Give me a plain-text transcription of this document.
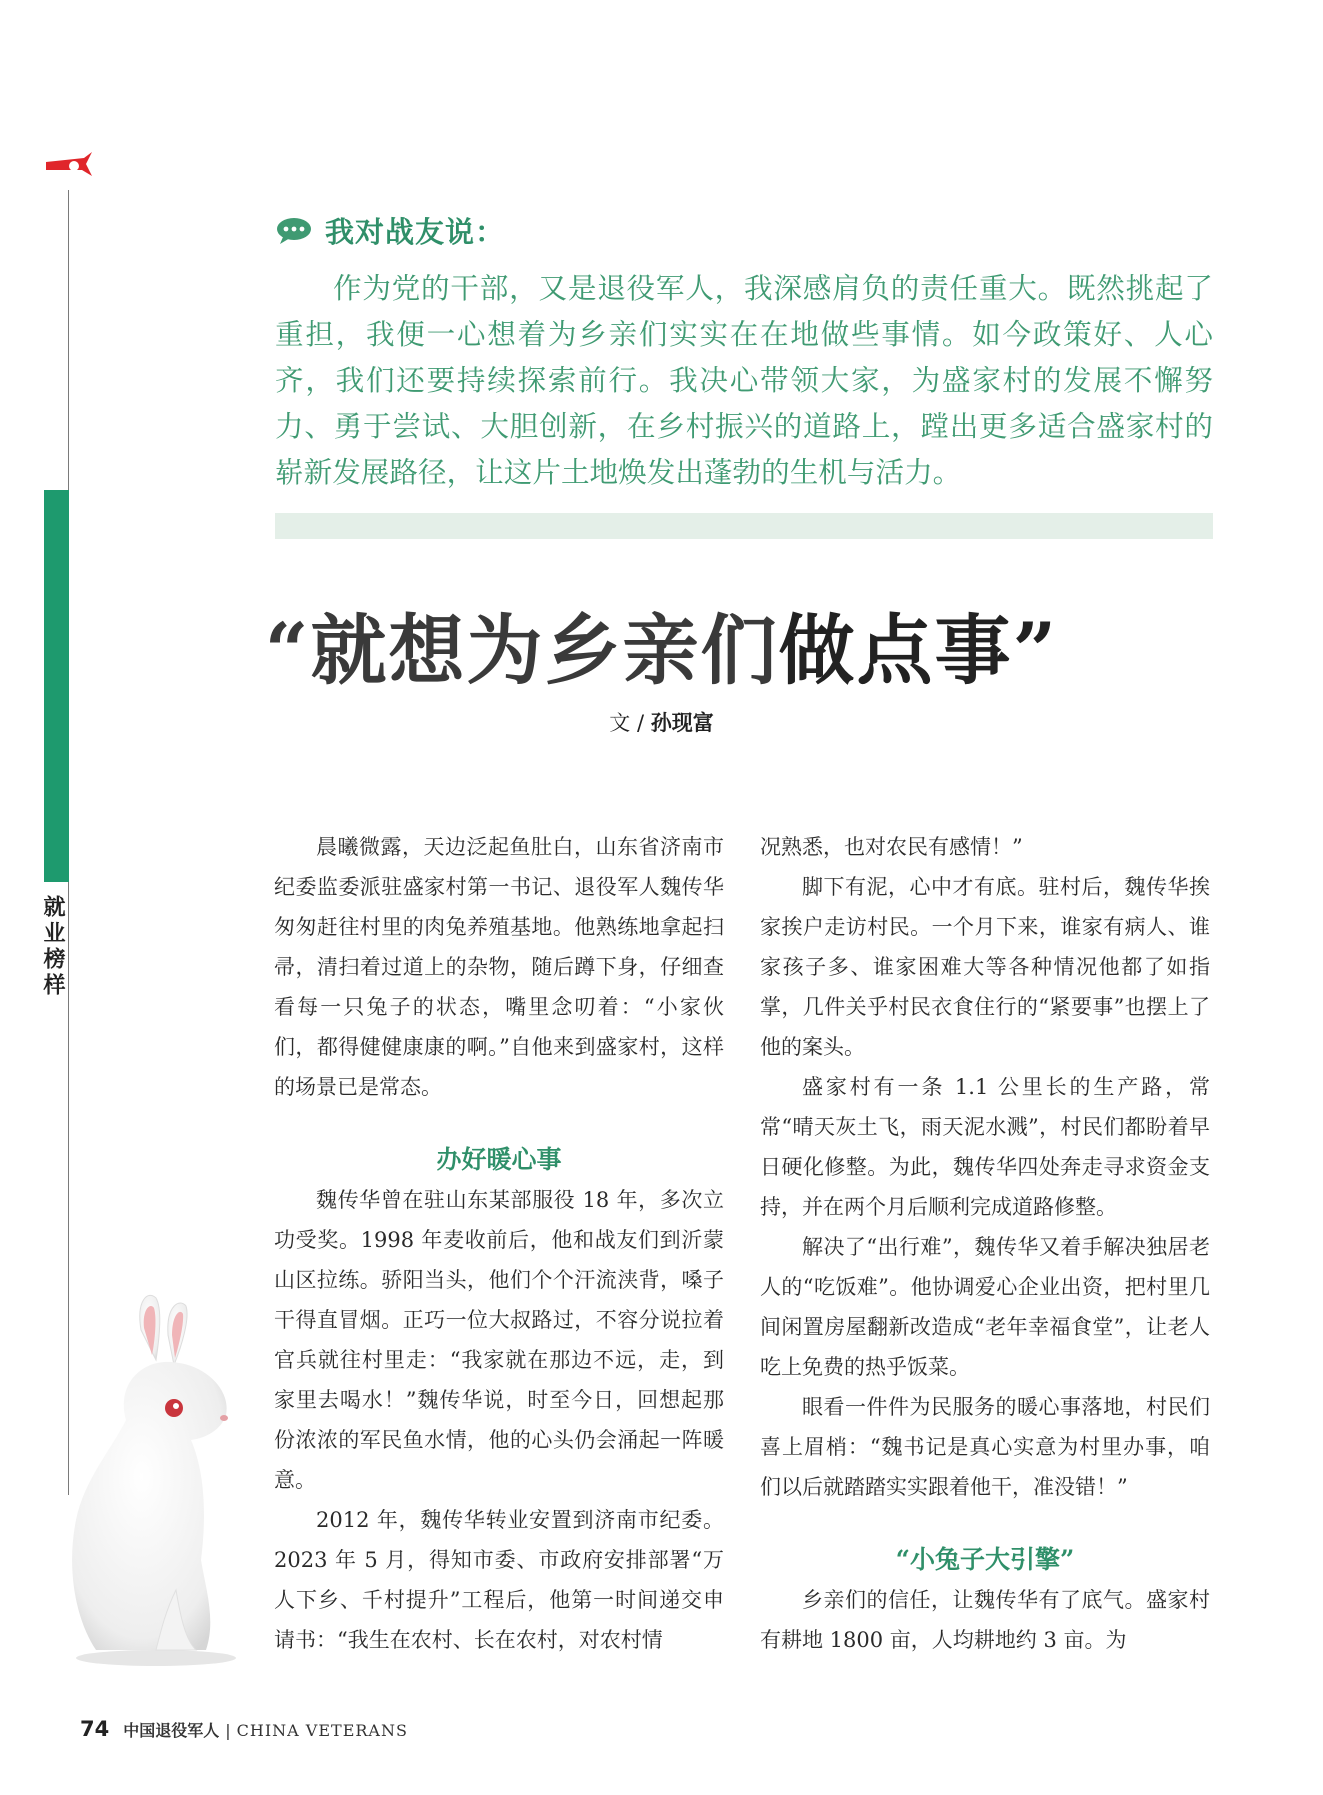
就业榜样
我对战友说：

作为党的干部，又是退役军人，我深感肩负的责任重大。既然挑起了重担，我便一心想着为乡亲们实实在在地做些事情。如今政策好、人心齐，我们还要持续探索前行。我决心带领大家，为盛家村的发展不懈努力、勇于尝试、大胆创新，在乡村振兴的道路上，蹚出更多适合盛家村的崭新发展路径，让这片土地焕发出蓬勃的生机与活力。

“就想为乡亲们做点事”
文 / 孙现富

晨曦微露，天边泛起鱼肚白，山东省济南市纪委监委派驻盛家村第一书记、退役军人魏传华匆匆赶往村里的肉兔养殖基地。他熟练地拿起扫帚，清扫着过道上的杂物，随后蹲下身，仔细查看每一只兔子的状态，嘴里念叨着：“小家伙们，都得健健康康的啊。”自他来到盛家村，这样的场景已是常态。

办好暖心事

魏传华曾在驻山东某部服役 18 年，多次立功受奖。1998 年麦收前后，他和战友们到沂蒙山区拉练。骄阳当头，他们个个汗流浃背，嗓子干得直冒烟。正巧一位大叔路过，不容分说拉着官兵就往村里走：“我家就在那边不远，走，到家里去喝水！”魏传华说，时至今日，回想起那份浓浓的军民鱼水情，他的心头仍会涌起一阵暖意。

2012 年，魏传华转业安置到济南市纪委。2023 年 5 月，得知市委、市政府安排部署“万人下乡、千村提升”工程后，他第一时间递交申请书：“我生在农村、长在农村，对农村情

况熟悉，也对农民有感情！”

脚下有泥，心中才有底。驻村后，魏传华挨家挨户走访村民。一个月下来，谁家有病人、谁家孩子多、谁家困难大等各种情况他都了如指掌，几件关乎村民衣食住行的“紧要事”也摆上了他的案头。

盛家村有一条 1.1 公里长的生产路，常常“晴天灰土飞，雨天泥水溅”，村民们都盼着早日硬化修整。为此，魏传华四处奔走寻求资金支持，并在两个月后顺利完成道路修整。

解决了“出行难”，魏传华又着手解决独居老人的“吃饭难”。他协调爱心企业出资，把村里几间闲置房屋翻新改造成“老年幸福食堂”，让老人吃上免费的热乎饭菜。

眼看一件件为民服务的暖心事落地，村民们喜上眉梢：“魏书记是真心实意为村里办事，咱们以后就踏踏实实跟着他干，准没错！”

“小兔子大引擎”

乡亲们的信任，让魏传华有了底气。盛家村有耕地 1800 亩，人均耕地约 3 亩。为

74 中国退役军人 | CHINA VETERANS
